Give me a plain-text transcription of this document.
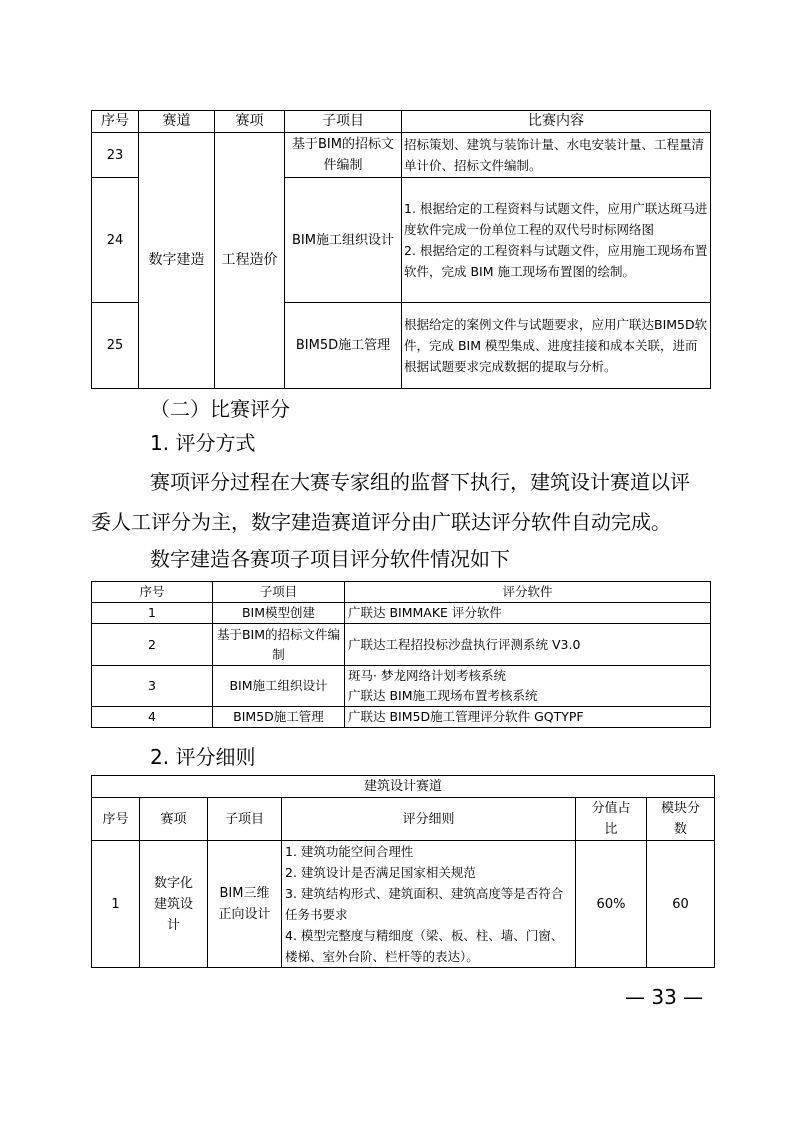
序号	赛道	赛项	子项目	比赛内容
23	数字建造	工程造价	基于BIM的招标文件编制	招标策划、建筑与装饰计量、水电安装计量、工程量清单计价、招标文件编制。

24			BIM施工组织设计	1. 根据给定的工程资料与试题文件，应用广联达斑马进度软件完成一份单位工程的双代号时标网络图
2. 根据给定的工程资料与试题文件，应用施工现场布置软件，完成 BIM 施工现场布置图的绘制。

25			BIM5D施工管理	根据给定的案例文件与试题要求，应用广联达BIM5D软件，完成 BIM 模型集成、进度挂接和成本关联，进而根据试题要求完成数据的提取与分析。
（二）比赛评分
1. 评分方式
赛项评分过程在大赛专家组的监督下执行，建筑设计赛道以评
委人工评分为主，数字建造赛道评分由广联达评分软件自动完成。
数字建造各赛项子项目评分软件情况如下
序号	子项目	评分软件
1	BIM模型创建	广联达 BIMMAKE 评分软件

2	基于BIM的招标文件编制	广联达工程招投标沙盘执行评测系统 V3.0

3	BIM施工组织设计	斑马· 梦龙网络计划考核系统
广联达 BIM施工现场布置考核系统

4	BIM5D施工管理	广联达 BIM5D施工管理评分软件 GQTYPF
2. 评分细则
建筑设计赛道					
序号	赛项	子项目	评分细则	分值占比	模块分数
1	数字化建筑设计	BIM三维正向设计	1. 建筑功能空间合理性
2. 建筑设计是否满足国家相关规范
3. 建筑结构形式、建筑面积、建筑高度等是否符合任务书要求
4. 模型完整度与精细度（梁、板、柱、墙、门窗、楼梯、室外台阶、栏杆等的表达）。	60%	60
— 33 —
